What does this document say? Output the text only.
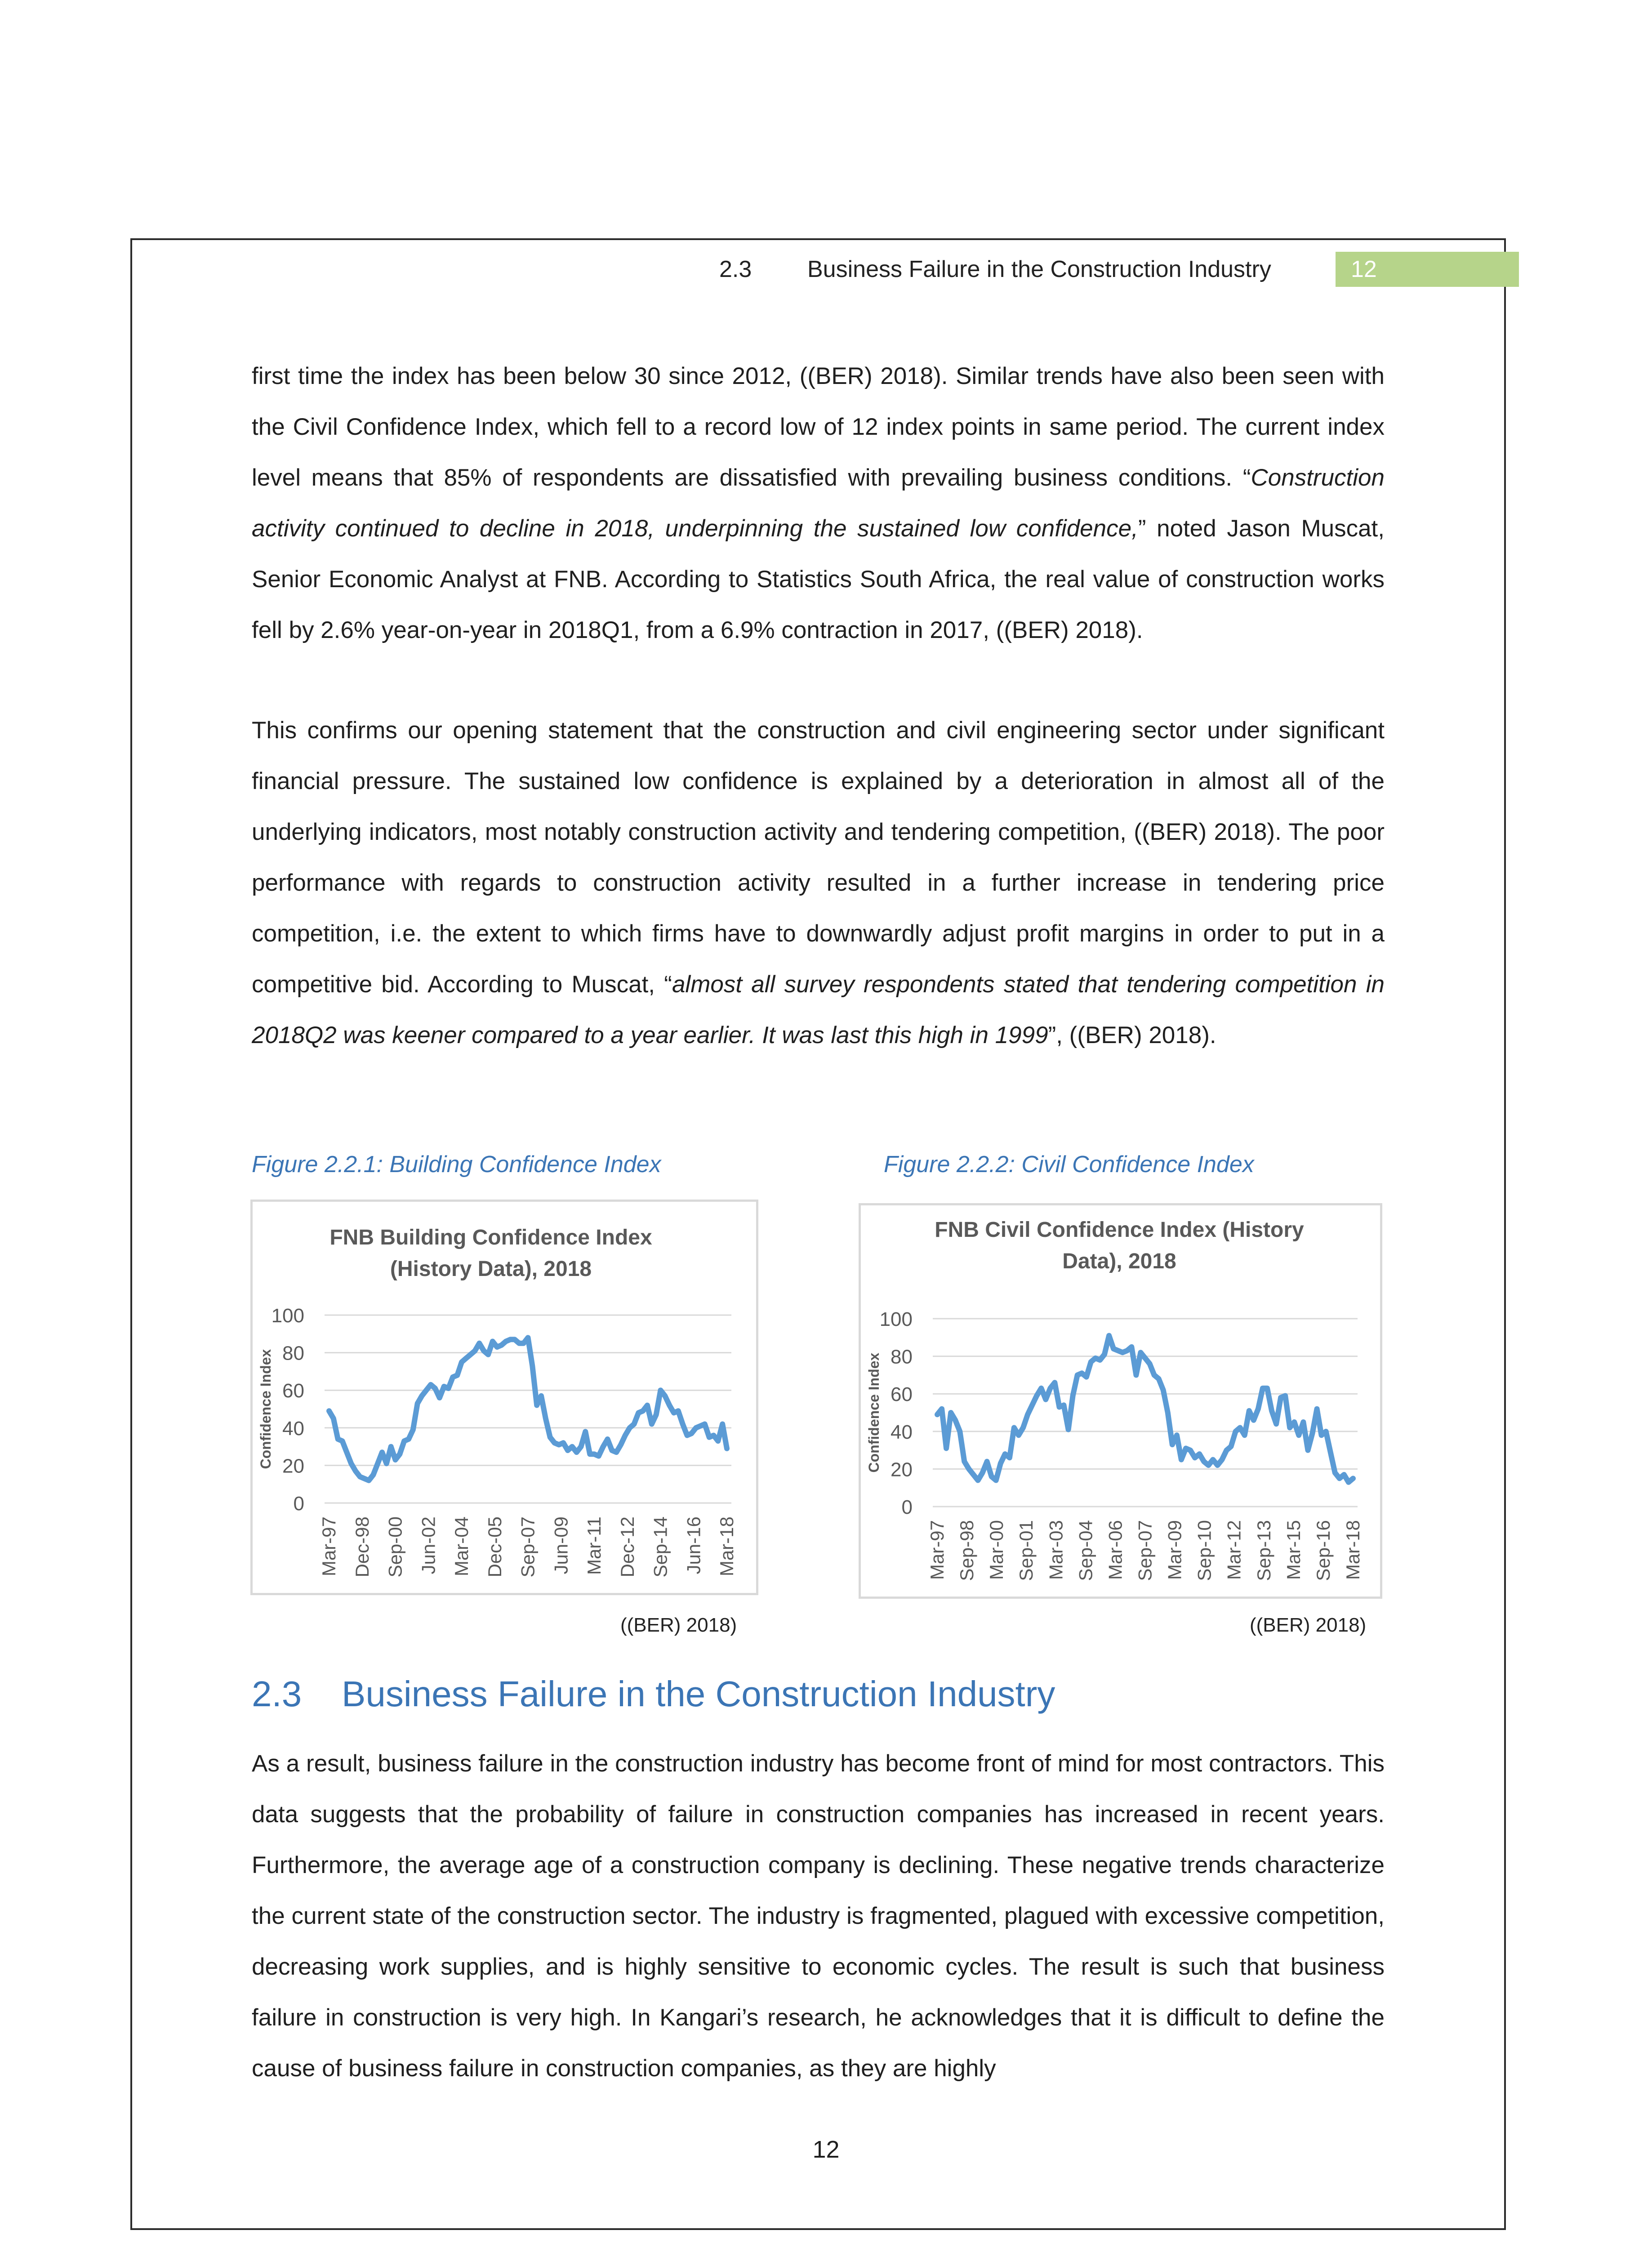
2.3	Business Failure in the Construction Industry	12

first time the index has been below 30 since 2012, ((BER) 2018). Similar trends have also been seen with the Civil Confidence Index, which fell to a record low of 12 index points in same period. The current index level means that 85% of respondents are dissatisfied with prevailing business conditions. “Construction activity continued to decline in 2018, underpinning the sustained low confidence,” noted Jason Muscat, Senior Economic Analyst at FNB. According to Statistics South Africa, the real value of construction works fell by 2.6% year-on-year in 2018Q1, from a 6.9% contraction in 2017, ((BER) 2018).

This confirms our opening statement that the construction and civil engineering sector under significant financial pressure. The sustained low confidence is explained by a deterioration in almost all of the underlying indicators, most notably construction activity and tendering competition, ((BER) 2018). The poor performance with regards to construction activity resulted in a further increase in tendering price competition, i.e. the extent to which firms have to downwardly adjust profit margins in order to put in a competitive bid. According to Muscat, “almost all survey respondents stated that tendering competition in 2018Q2 was keener compared to a year earlier. It was last this high in 1999”, ((BER) 2018).

Figure 2.2.1: Building Confidence Index	Figure 2.2.2: Civil Confidence Index
FNB Building Confidence Index
(History Data), 2018
0
20
40
60
80
100
Confidence Index
Mar-97 Dec-98 Sep-00 Jun-02 Mar-04 Dec-05 Sep-07 Jun-09 Mar-11 Dec-12 Sep-14 Jun-16 Mar-18
FNB Civil Confidence Index (History
Data), 2018
0
20
40
60
80
100
Confidence Index
Mar-97 Sep-98 Mar-00 Sep-01 Mar-03 Sep-04 Mar-06 Sep-07 Mar-09 Sep-10 Mar-12 Sep-13 Mar-15 Sep-16 Mar-18
((BER) 2018)	((BER) 2018)
2.3	Business Failure in the Construction Industry

As a result, business failure in the construction industry has become front of mind for most contractors. This data suggests that the probability of failure in construction companies has increased in recent years. Furthermore, the average age of a construction company is declining. These negative trends characterize the current state of the construction sector. The industry is fragmented, plagued with excessive competition, decreasing work supplies, and is highly sensitive to economic cycles. The result is such that business failure in construction is very high. In Kangari’s research, he acknowledges that it is difficult to define the cause of business failure in construction companies, as they are highly

12
